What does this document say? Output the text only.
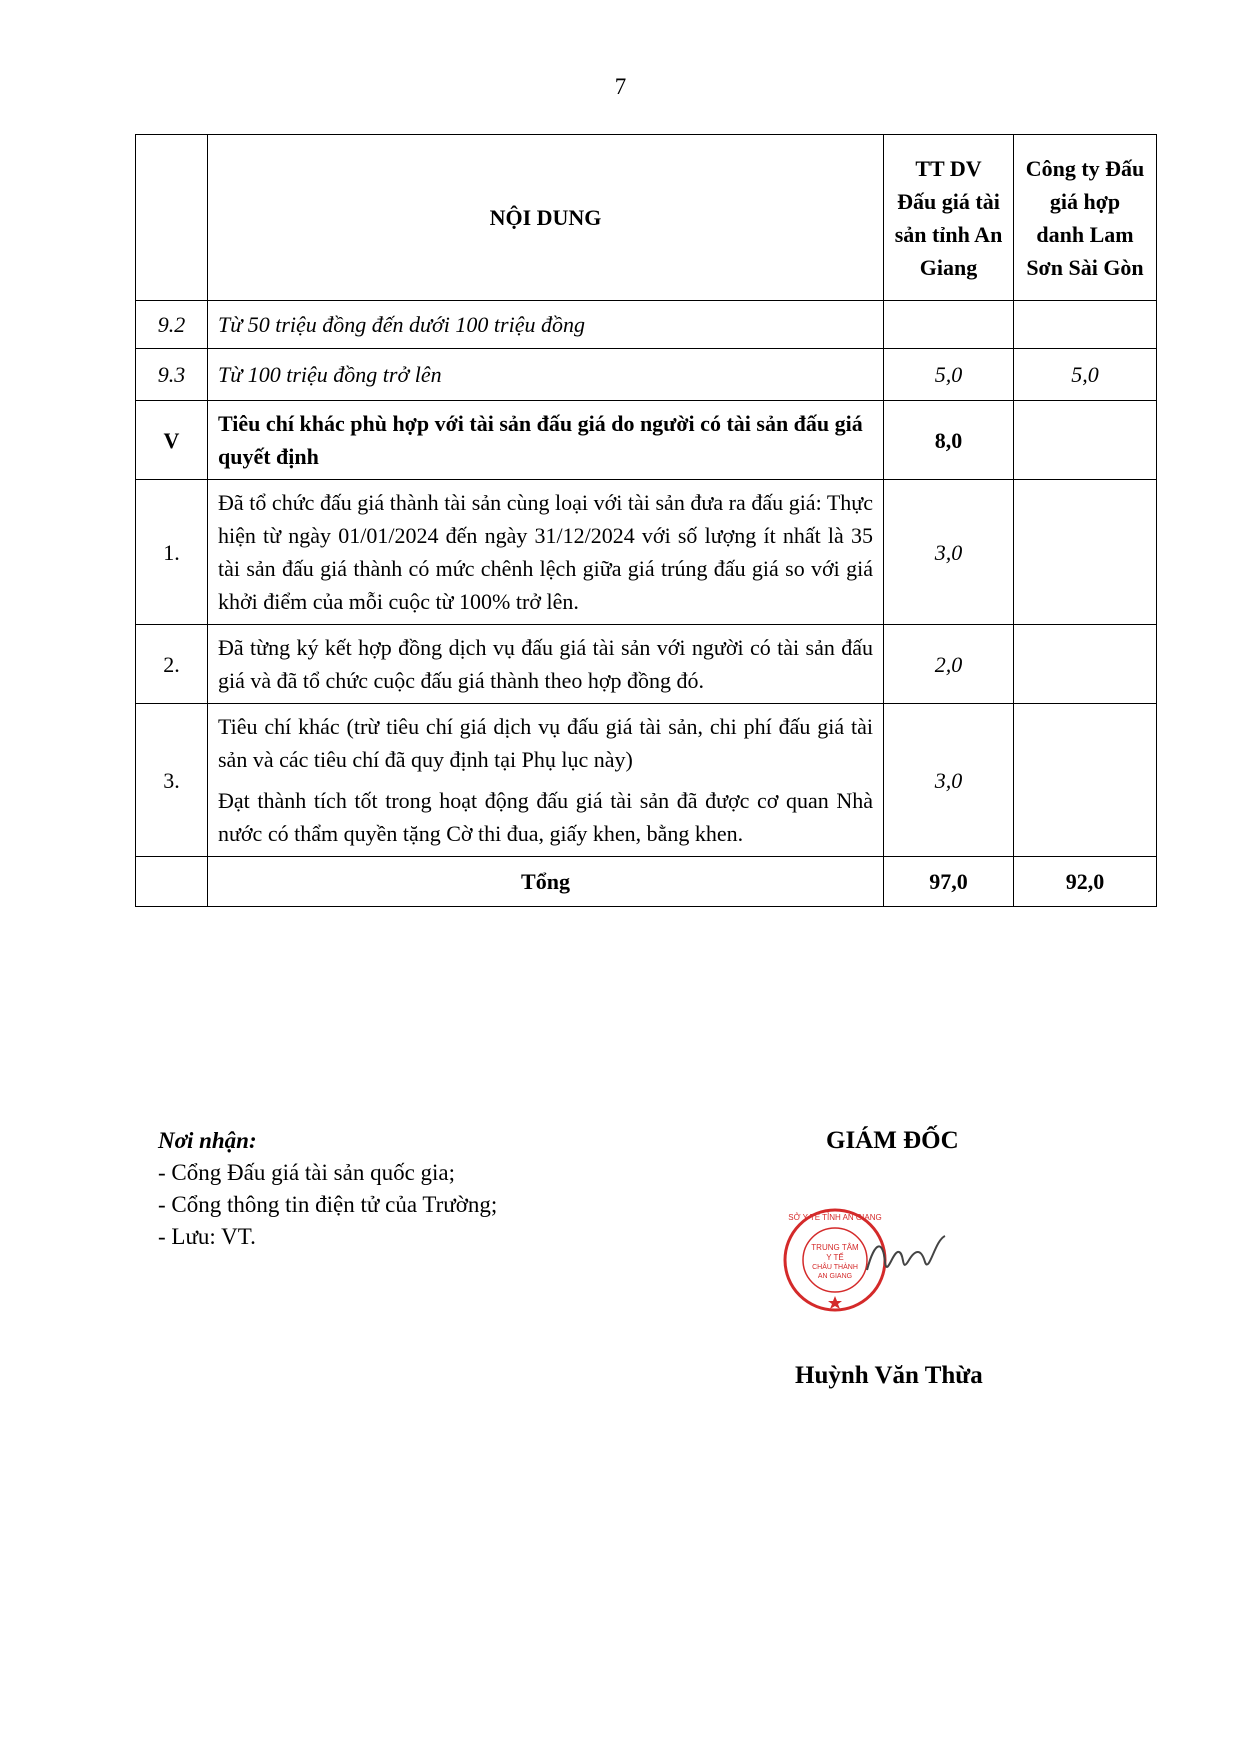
7
	NỘI DUNG	TT DV Đấu giá tài sản tỉnh An Giang	Công ty Đấu giá hợp danh Lam Sơn Sài Gòn
9.2	Từ 50 triệu đồng đến dưới 100 triệu đồng		
9.3	Từ 100 triệu đồng trở lên	5,0	5,0
V	Tiêu chí khác phù hợp với tài sản đấu giá do người có tài sản đấu giá quyết định	8,0	
1.	Đã tổ chức đấu giá thành tài sản cùng loại với tài sản đưa ra đấu giá: Thực hiện từ ngày 01/01/2024 đến ngày 31/12/2024 với số lượng ít nhất là 35 tài sản đấu giá thành có mức chênh lệch giữa giá trúng đấu giá so với giá khởi điểm của mỗi cuộc từ 100% trở lên.	3,0	
2.	Đã từng ký kết hợp đồng dịch vụ đấu giá tài sản với người có tài sản đấu giá và đã tổ chức cuộc đấu giá thành theo hợp đồng đó.	2,0	
3.	Tiêu chí khác (trừ tiêu chí giá dịch vụ đấu giá tài sản, chi phí đấu giá tài sản và các tiêu chí đã quy định tại Phụ lục này)
Đạt thành tích tốt trong hoạt động đấu giá tài sản đã được cơ quan Nhà nước có thẩm quyền tặng Cờ thi đua, giấy khen, bằng khen.	3,0	
	Tổng	97,0	92,0
Nơi nhận:
- Cổng Đấu giá tài sản quốc gia;
- Cổng thông tin điện tử của Trường;
- Lưu: VT.
GIÁM ĐỐC
TRUNG TÂM
Y TẾ
CHÂU THÀNH
AN GIANG
SỞ Y TẾ TỈNH AN GIANG
Huỳnh Văn Thừa
